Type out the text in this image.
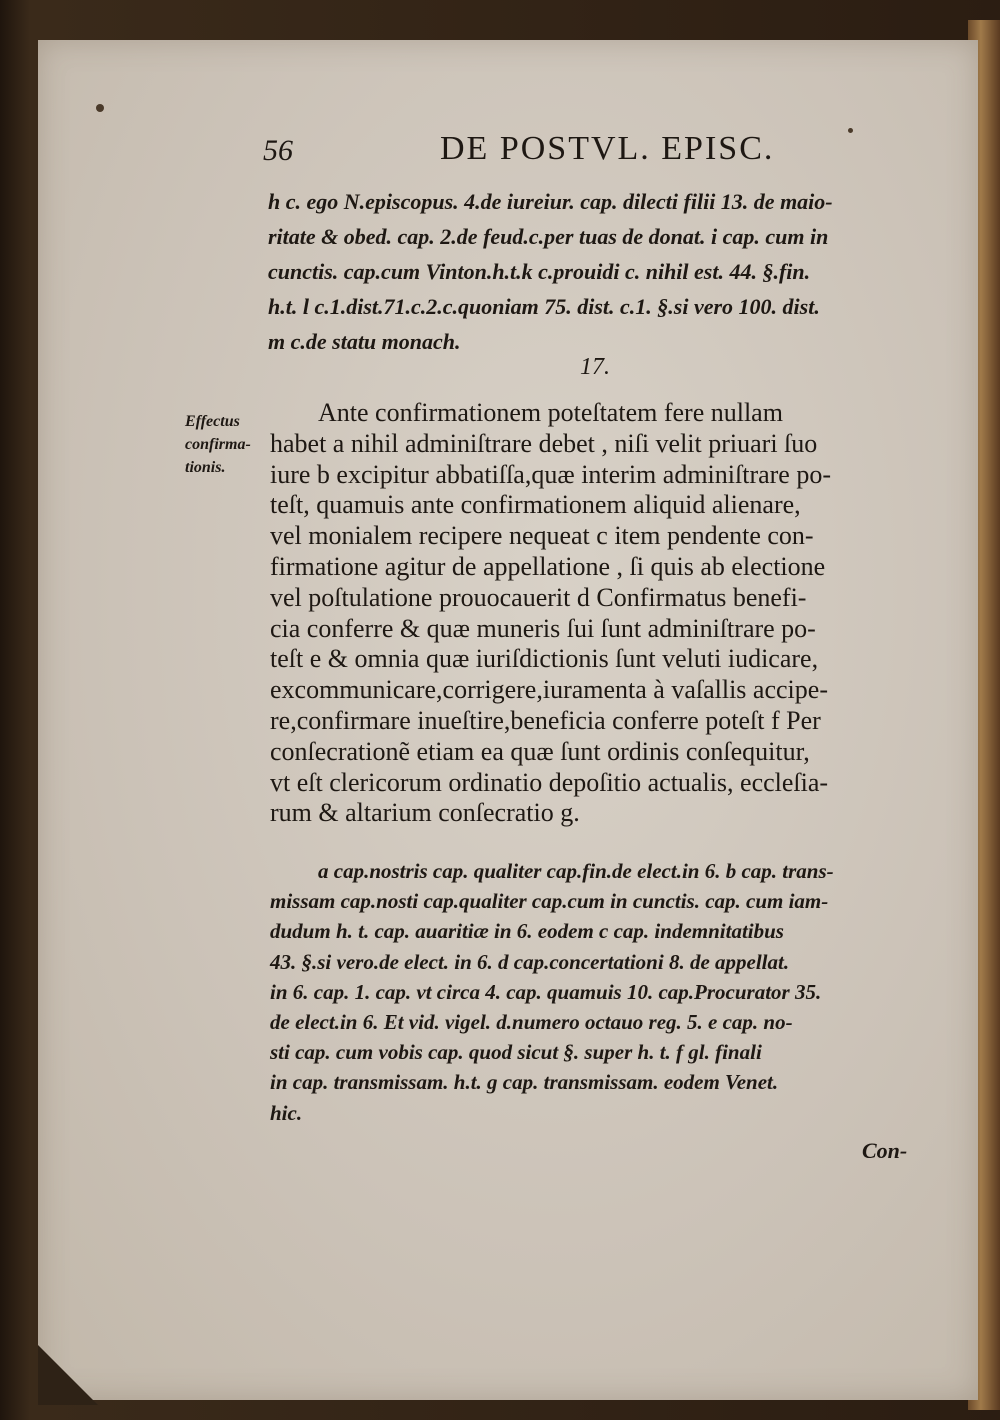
56	DE POSTVL. EPISC.
h c. ego N.episcopus. 4.de iureiur. cap. dilecti filii 13. de maio-
ritate & obed. cap. 2.de feud.c.per tuas de donat. i cap. cum in
cunctis. cap.cum Vinton.h.t.k c.prouidi c. nihil est. 44. §.fin.
h.t. l c.1.dist.71.c.2.c.quoniam 75. dist. c.1. §.si vero 100. dist.
m c.de statu monach.
17.
Effectus
confirma-
tionis.
Ante confirmationem poteſtatem fere nullam
habet a nihil adminiſtrare debet , niſi velit priuari ſuo
iure b excipitur abbatiſſa,quæ interim adminiſtrare po-
teſt, quamuis ante confirmationem aliquid alienare,
vel monialem recipere nequeat c item pendente con-
firmatione agitur de appellatione , ſi quis ab electione
vel poſtulatione prouocauerit d Confirmatus benefi-
cia conferre & quæ muneris ſui ſunt adminiſtrare po-
teſt e & omnia quæ iuriſdictionis ſunt veluti iudicare,
excommunicare,corrigere,iuramenta à vaſallis accipe-
re,confirmare inueſtire,beneficia conferre poteſt f Per
conſecrationẽ etiam ea quæ ſunt ordinis conſequitur,
vt eſt clericorum ordinatio depoſitio actualis, eccleſia-
rum & altarium conſecratio g.
a cap.nostris cap. qualiter cap.fin.de elect.in 6. b cap. trans-
missam cap.nosti cap.qualiter cap.cum in cunctis. cap. cum iam-
dudum h. t. cap. auaritiæ in 6. eodem c cap. indemnitatibus
43. §.si vero.de elect. in 6. d cap.concertationi 8. de appellat.
in 6. cap. 1. cap. vt circa 4. cap. quamuis 10. cap.Procurator 35.
de elect.in 6. Et vid. vigel. d.numero octauo reg. 5. e cap. no-
sti cap. cum vobis cap. quod sicut §. super h. t. f gl. finali
in cap. transmissam. h.t. g cap. transmissam. eodem Venet.
hic.
Con-
